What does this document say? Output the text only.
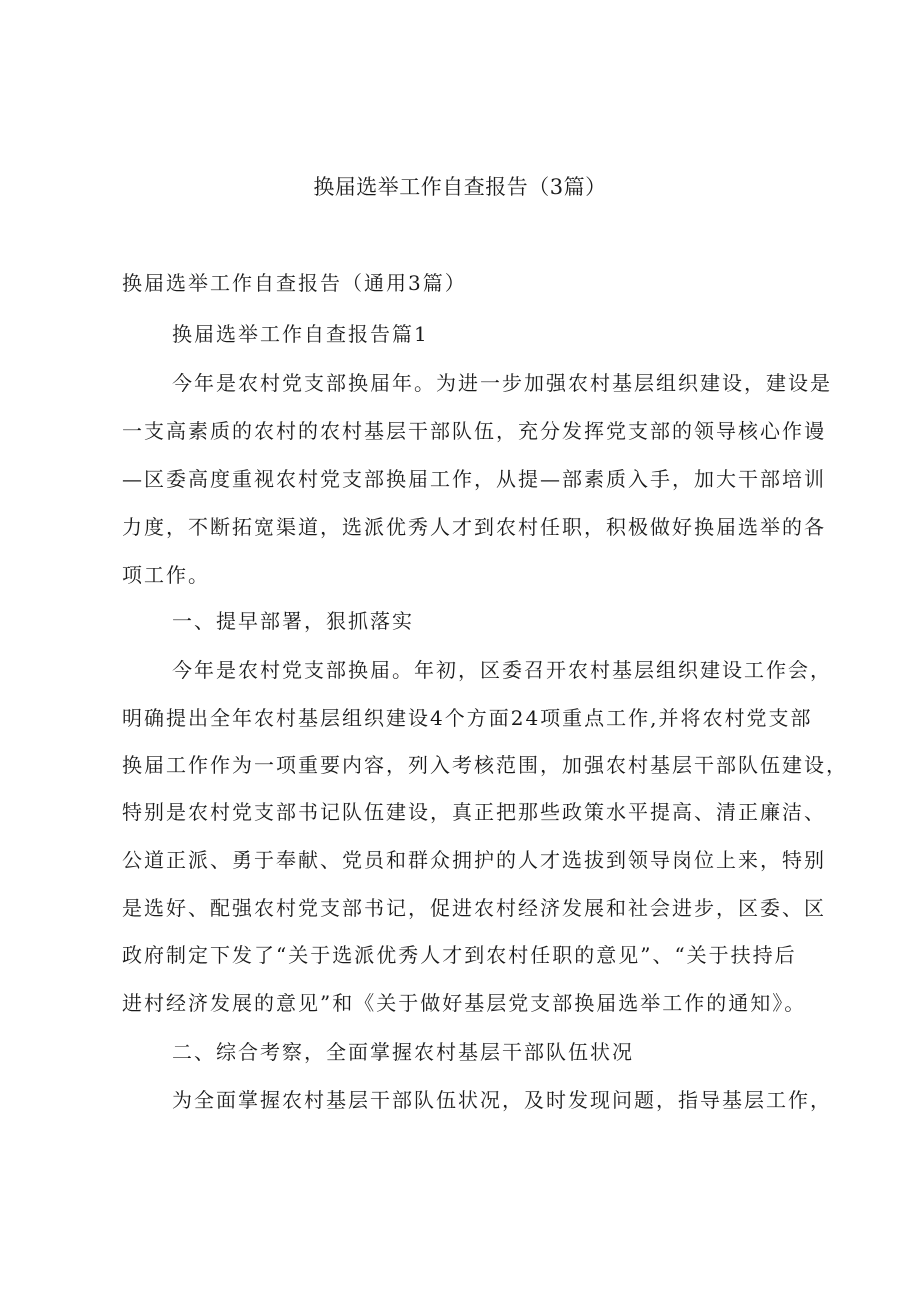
换届选举工作自查报告（3篇）
换届选举工作自查报告（通用3篇）
换届选举工作自查报告篇1
今年是农村党支部换届年。为进一步加强农村基层组织建设，建设是
一支高素质的农村的农村基层干部队伍，充分发挥党支部的领导核心作谩
—区委高度重视农村党支部换届工作，从提—部素质入手，加大干部培训
力度，不断拓宽渠道，选派优秀人才到农村任职，积极做好换届选举的各
项工作。
一、提早部署，狠抓落实
今年是农村党支部换届。年初，区委召开农村基层组织建设工作会，
明确提出全年农村基层组织建设4个方面24项重点工作,并将农村党支部
换届工作作为一项重要内容，列入考核范围，加强农村基层干部队伍建设，
特别是农村党支部书记队伍建设，真正把那些政策水平提高、清正廉洁、
公道正派、勇于奉献、党员和群众拥护的人才选拔到领导岗位上来，特别
是选好、配强农村党支部书记，促进农村经济发展和社会进步，区委、区
政府制定下发了“关于选派优秀人才到农村任职的意见”、“关于扶持后
进村经济发展的意见”和《关于做好基层党支部换届选举工作的通知》。
二、综合考察，全面掌握农村基层干部队伍状况
为全面掌握农村基层干部队伍状况，及时发现问题，指导基层工作，
